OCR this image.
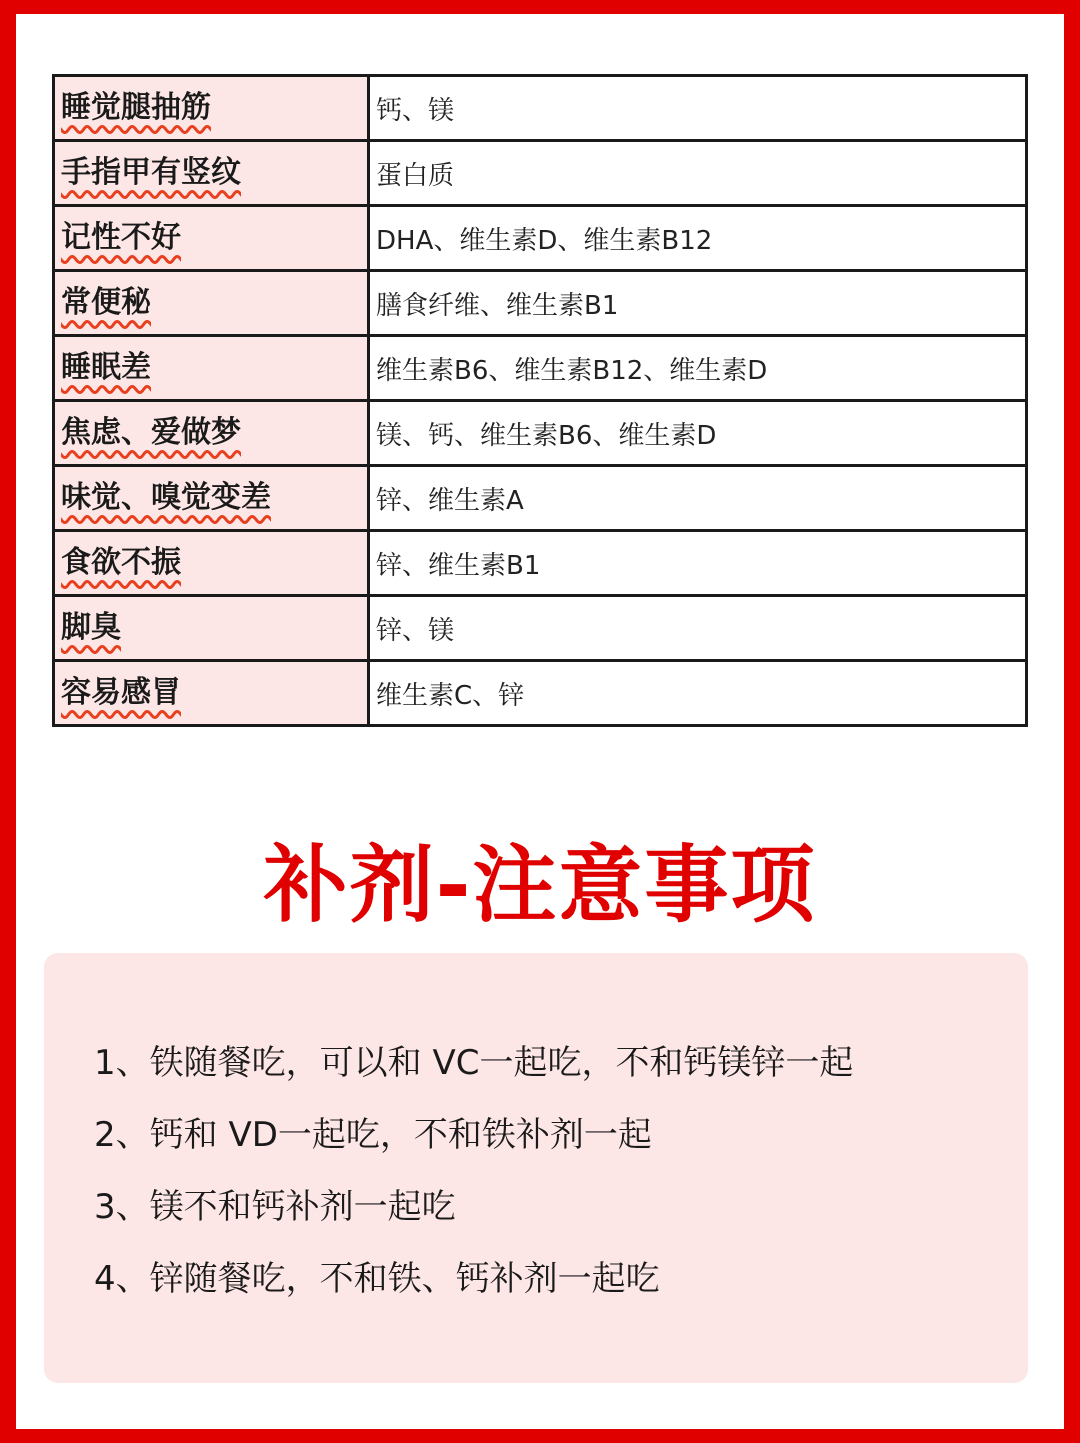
睡觉腿抽筋	钙、镁
手指甲有竖纹	蛋白质
记性不好	DHA、维生素D、维生素B12
常便秘	膳食纤维、维生素B1
睡眠差	维生素B6、维生素B12、维生素D
焦虑、爱做梦	镁、钙、维生素B6、维生素D
味觉、嗅觉变差	锌、维生素A
食欲不振	锌、维生素B1
脚臭	锌、镁
容易感冒	维生素C、锌
补剂-注意事项
1、铁随餐吃，可以和 VC一起吃，不和钙镁锌一起
2、钙和 VD一起吃，不和铁补剂一起
3、镁不和钙补剂一起吃
4、锌随餐吃，不和铁、钙补剂一起吃
